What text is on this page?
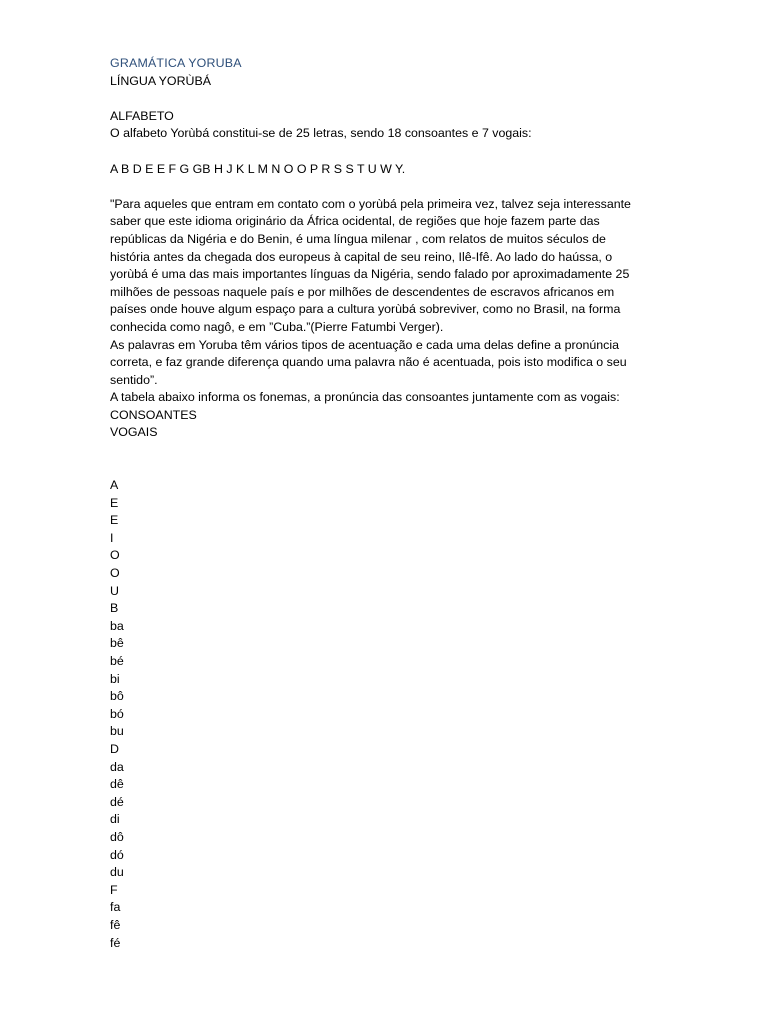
GRAMÁTICA YORUBA
LÍNGUA YORÙBÁ
ALFABETO
O alfabeto Yorùbá constitui-se de 25 letras, sendo 18 consoantes e 7 vogais:
A B D E E F G GB H J K L M N O O P R S S T U W Y.
"Para aqueles que entram em contato com o yorùbá pela primeira vez, talvez seja interessante
saber que este idioma originário da África ocidental, de regiões que hoje fazem parte das
repúblicas da Nigéria e do Benin, é uma língua milenar , com relatos de muitos séculos de
história antes da chegada dos europeus à capital de seu reino, Ilê-Ifê. Ao lado do haússa, o
yorùbá é uma das mais importantes línguas da Nigéria, sendo falado por aproximadamente 25
milhões de pessoas naquele país e por milhões de descendentes de escravos africanos em
países onde houve algum espaço para a cultura yorùbá sobreviver, como no Brasil, na forma
conhecida como nagô, e em ”Cuba.”(Pierre Fatumbi Verger).
As palavras em Yoruba têm vários tipos de acentuação e cada uma delas define a pronúncia
correta, e faz grande diferença quando uma palavra não é acentuada, pois isto modifica o seu
sentido”.
A tabela abaixo informa os fonemas, a pronúncia das consoantes juntamente com as vogais:
CONSOANTES
VOGAIS
A
E
E
I
O
O
U
B
ba
bê
bé
bi
bô
bó
bu
D
da
dê
dé
di
dô
dó
du
F
fa
fê
fé
